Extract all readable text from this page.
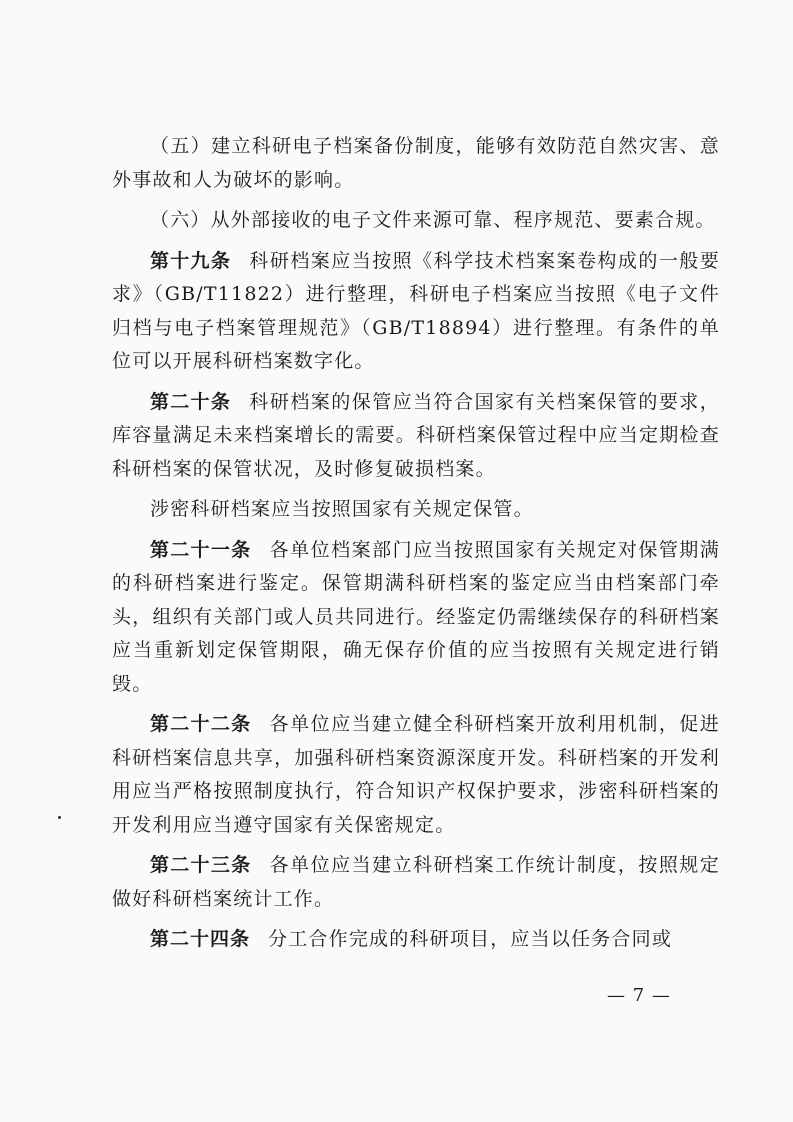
（五）建立科研电子档案备份制度，能够有效防范自然灾害、意外事故和人为破坏的影响。

（六）从外部接收的电子文件来源可靠、程序规范、要素合规。

第十九条 科研档案应当按照《科学技术档案案卷构成的一般要求》（GB/T11822）进行整理，科研电子档案应当按照《电子文件归档与电子档案管理规范》（GB/T18894）进行整理。有条件的单位可以开展科研档案数字化。

第二十条 科研档案的保管应当符合国家有关档案保管的要求，库容量满足未来档案增长的需要。科研档案保管过程中应当定期检查科研档案的保管状况，及时修复破损档案。

涉密科研档案应当按照国家有关规定保管。

第二十一条 各单位档案部门应当按照国家有关规定对保管期满的科研档案进行鉴定。保管期满科研档案的鉴定应当由档案部门牵头，组织有关部门或人员共同进行。经鉴定仍需继续保存的科研档案应当重新划定保管期限，确无保存价值的应当按照有关规定进行销毁。

第二十二条 各单位应当建立健全科研档案开放利用机制，促进科研档案信息共享，加强科研档案资源深度开发。科研档案的开发利用应当严格按照制度执行，符合知识产权保护要求，涉密科研档案的开发利用应当遵守国家有关保密规定。

第二十三条 各单位应当建立科研档案工作统计制度，按照规定做好科研档案统计工作。

第二十四条 分工合作完成的科研项目，应当以任务合同或

— 7 —
